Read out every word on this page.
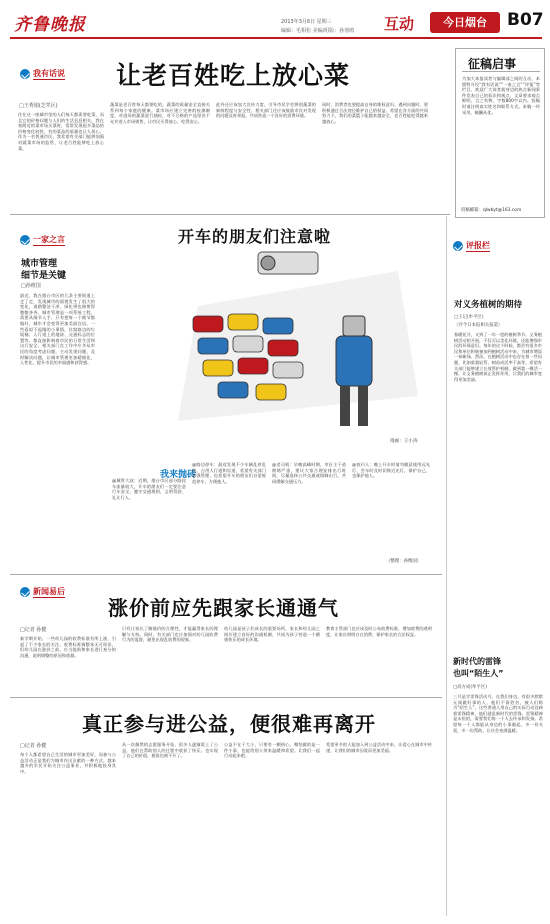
齐鲁晚报	2013年3月6日 星期三
编辑：毛相松 美编/组版：孙寒鸥 互动	今日烟台	B07
我有话说 让老百姓吃上放心菜
□王秀娟(芝罘区)
住在这一座城市里的人们每天都需要吃菜，而且它的价格问题与人们的生活息息相关。我在家附近的菜市场买菜时，常常发现很多菜品的价格变化较快，有的菜品的质量也让人担心。作为一名普通市民，我希望有关部门能够加强对蔬菜市场的监管，让老百姓能够吃上放心菜。
蔬菜是老百姓每天都要吃的，蔬菜的质量安全直接关系到每个家庭的健康。菜市场应建立完善的检测制度，对进场的蔬菜进行抽检，对不合格的产品坚决不允许进入市场销售，让市民买得放心、吃得安心。
此外还应该加大宣传力度，引导市民学会辨别蔬菜的新鲜程度与安全性。相关部门还应该鼓励市民对发现的问题及时举报，共同营造一个良好的消费环境。
同时，消费者也要提高自身的维权意识。遇到问题时，要积极通过合法途径维护自己的权益。希望在各方面的共同努力下，我们的菜篮子能越来越安全，老百姓能吃得越来越放心。
征稿启事
为加大本报读者与编辑部之间的互动，本版特开设“我有话说”“一家之言”“评报”等栏目，欢迎广大读者就身边的热点新闻事件发表自己的看法和观点，文章要求观点鲜明，言之有物，字数800字以内。投稿时请注明真实姓名和联系方式。来稿一经采用，稿酬从优。
投稿邮箱：qlwbyt@163.com
一家之言
城市管理
细节是关键
□孙维国
最近，我在烟台市区的几条主要街道上走了走，发现城市的面貌发生了很大的变化，道路整洁干净，绿化带也修剪得整整齐齐。城市管理是一项系统工程，需要从细节入手，只有把每一个细节都做好，城市才会变得更加美丽宜居。一些看似不起眼的小事情，比如路边的垃圾桶、人行道上的地砖、交通标志的位置等，都直接影响着市民的日常生活和出行安全。相关部门在工作中应多从市民的角度考虑问题，主动发现问题，及时解决问题，让城市管理更加精细化、人性化，提升市民的幸福感和获得感。
开车的朋友们注意啦
漫画：王小涛
我来抛砖
@城管大叔：近期，烟台市区部分路段车流量较大，开车的朋友们一定要注意行车安全，遵守交通规则，文明驾驶，礼让行人。
@路边停车：最近发现不少车辆乱停乱放，占用人行道和盲道，希望有关部门加强管理，也希望开车的朋友们自觉规范停车，方便他人。
@老司机：早晚高峰时期，市区主干道拥堵严重，建议大家合理安排出行时间，尽量选择公共交通或错峰出行，共同缓解交通压力。
@夜归人：晚上开车时请勿随意使用远光灯，会车时及时切换近光灯，保护自己，也保护他人。
（整理：孙维国）
评报栏
对义务植树的期待
□王记(牟平区)
（评今日本报相关报道）
春暖花开，又到了一年一度的植树季节。义务植树活动的开展，不仅可以美化环境，还能增强市民的环保意识。每年的这个时候，都会有很多市民和单位积极参加到植树活动中来，为城市增添一抹新绿。然而，在植树活动中也存在着一些问题，比如重栽轻管，树苗成活率不高等。希望有关部门能够建立长效管护机制，做到栽一棵活一棵，让义务植树真正发挥作用，让我们的城市变得更加美丽。
新闻易后
涨价前应先跟家长通通气
□记者 孙健
新学期开始，一些幼儿园的收费标准有所上涨，引起了不少家长的关注。收费标准调整本无可厚非，但幼儿园在涨价之前，应当提前和家长进行充分的沟通，说明调整的原因和依据。
只有让家长了解涨价的合理性，才能赢得家长的理解与支持。同时，有关部门也应加强对幼儿园收费行为的监督，避免出现乱收费的现象。
幼儿园是孩子们成长的重要场所，家长和幼儿园之间应建立良好的沟通机制，共同为孩子营造一个健康快乐的成长环境。
教育主管部门也应该及时公布收费标准，增加收费的透明度，让家长明明白白消费，保护家长的合法权益。
新时代的雷锋
也叫“陌生人”
□高方成(牟平区)
三月是学雷锋活动月。在我们身边，有很多默默无闻做好事的人，他们不留姓名，被人们称为“陌生人”。这些普通人用自己的实际行动诠释着雷锋精神，他们就是新时代的雷锋。雷锋精神是永恒的，需要我们每一个人去传承和发扬。希望每一个人都能从身边的小事做起，多一份关爱，多一份帮助，让社会充满温暖。
真正参与进公益，便很难再离开
□记者 孙健
每个人都希望自己生活的城市更加美好，而参与公益活动正是我们为城市作出贡献的一种方式。越来越多的市民开始关注公益事业，并积极地投身其中。
从一次偶然的志愿服务开始，很多人逐渐爱上了公益，他们在帮助别人的过程中收获了快乐，也实现了自己的价值，便再也离不开了。
公益不在于大小，只要有一颗热心，哪怕做的是一件小事，也能给别人带来温暖和希望。让我们一起行动起来吧。
希望更多的人能加入到公益活动中来，让爱心在城市中传递，让我们的城市因爱而更加美丽。
